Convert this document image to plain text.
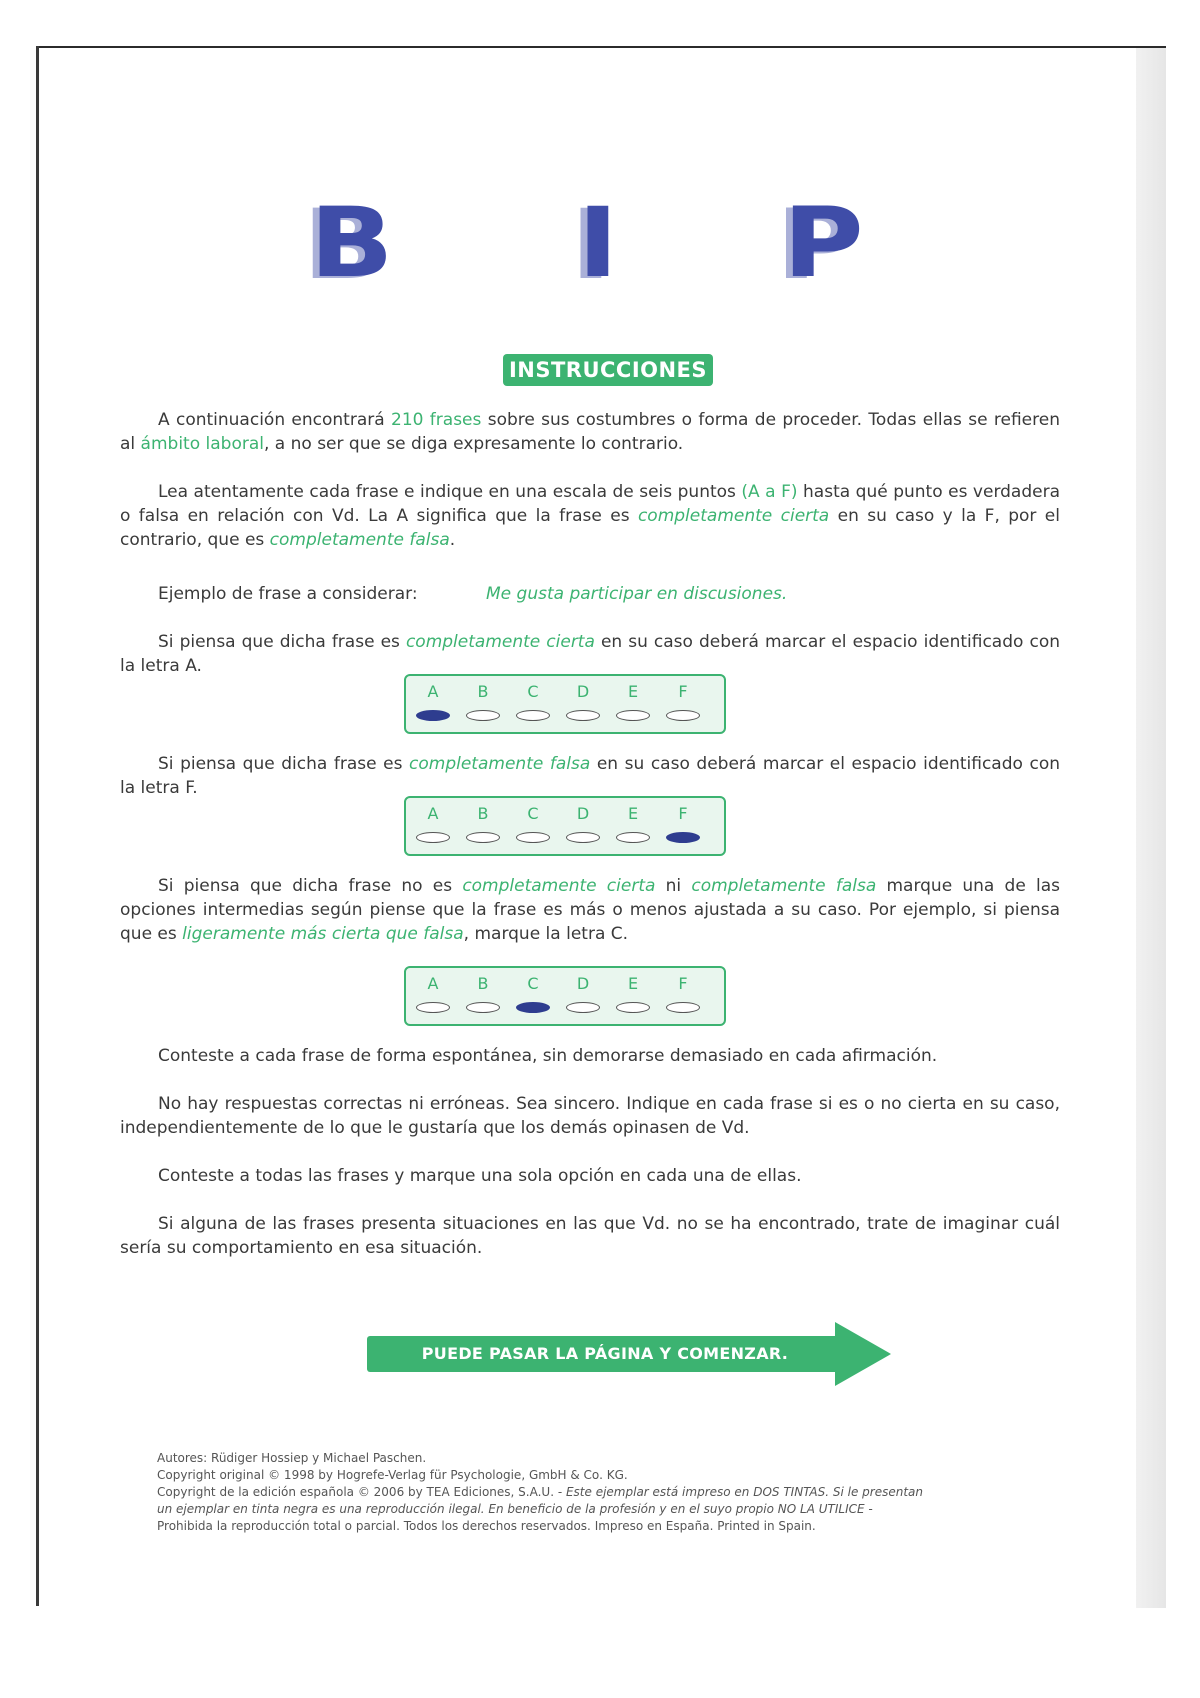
B I P
INSTRUCCIONES

A continuación encontrará 210 frases sobre sus costumbres o forma de proceder. Todas ellas se refieren al ámbito laboral, a no ser que se diga expresamente lo contrario.

Lea atentamente cada frase e indique en una escala de seis puntos (A a F) hasta qué punto es verdadera o falsa en relación con Vd. La A significa que la frase es completamente cierta en su caso y la F, por el contrario, que es completamente falsa.

Ejemplo de frase a considerar:	Me gusta participar en discusiones.

Si piensa que dicha frase es completamente cierta en su caso deberá marcar el espacio identificado con la letra A.

A	B	C	D	E	F

Si piensa que dicha frase es completamente falsa en su caso deberá marcar el espacio identificado con la letra F.

A	B	C	D	E	F

Si piensa que dicha frase no es completamente cierta ni completamente falsa marque una de las opciones intermedias según piense que la frase es más o menos ajustada a su caso. Por ejemplo, si piensa que es ligeramente más cierta que falsa, marque la letra C.

A	B	C	D	E	F

Conteste a cada frase de forma espontánea, sin demorarse demasiado en cada afirmación.

No hay respuestas correctas ni erróneas. Sea sincero. Indique en cada frase si es o no cierta en su caso, independientemente de lo que le gustaría que los demás opinasen de Vd.

Conteste a todas las frases y marque una sola opción en cada una de ellas.

Si alguna de las frases presenta situaciones en las que Vd. no se ha encontrado, trate de imaginar cuál sería su comportamiento en esa situación.

PUEDE PASAR LA PÁGINA Y COMENZAR.
Autores: Rüdiger Hossiep y Michael Paschen.
Copyright original © 1998 by Hogrefe-Verlag für Psychologie, GmbH & Co. KG.
Copyright de la edición española © 2006 by TEA Ediciones, S.A.U. - Este ejemplar está impreso en DOS TINTAS. Si le presentan
un ejemplar en tinta negra es una reproducción ilegal. En beneficio de la profesión y en el suyo propio NO LA UTILICE -
Prohibida la reproducción total o parcial. Todos los derechos reservados. Impreso en España. Printed in Spain.
